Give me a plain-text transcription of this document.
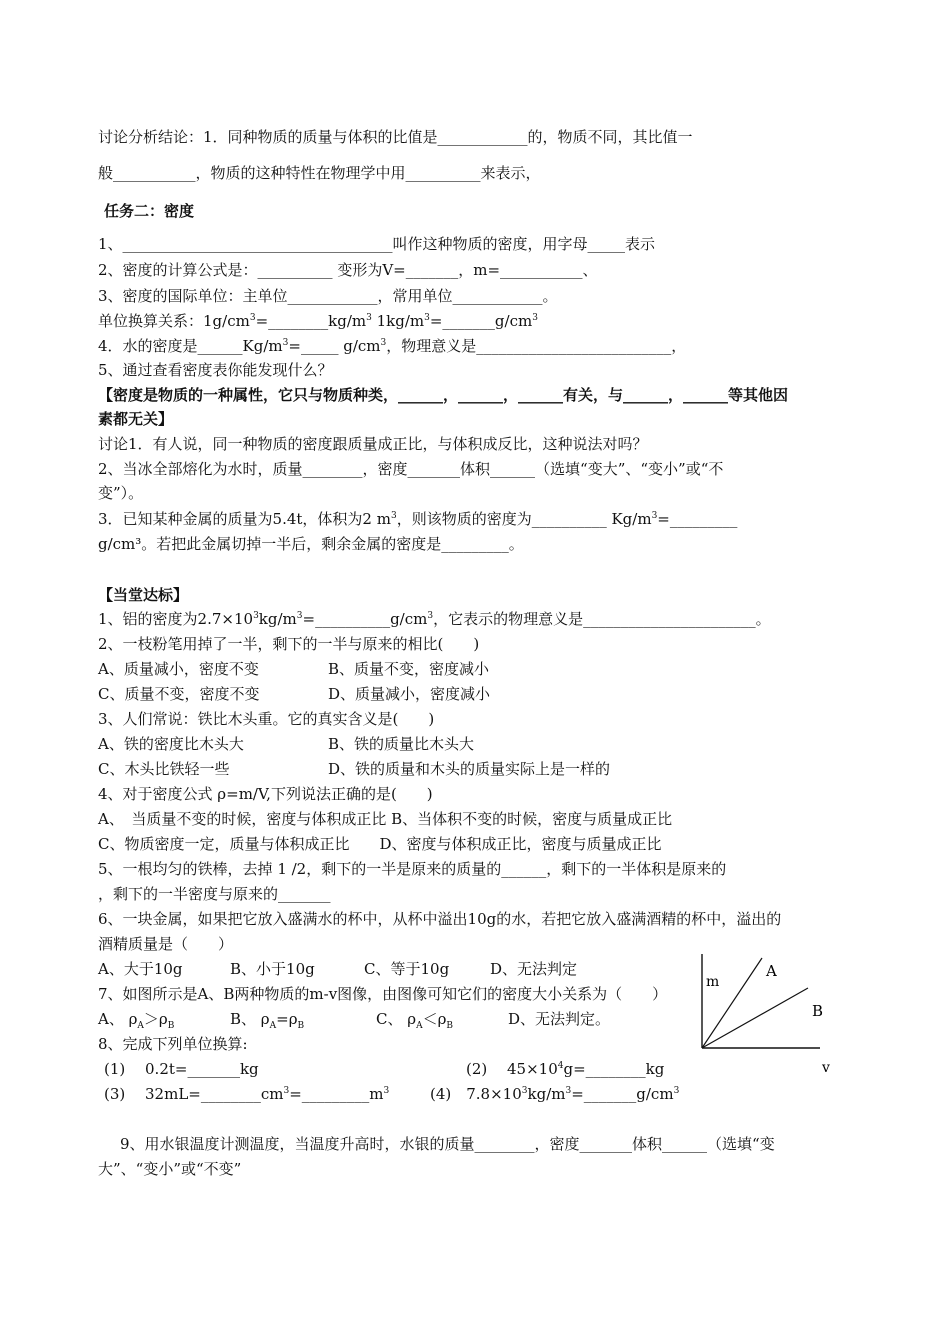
讨论分析结论：1．同种物质的质量与体积的比值是____________的，物质不同，其比值一
般___________，物质的这种特性在物理学中用__________来表示，
任务二：密度
1、____________________________________叫作这种物质的密度，用字母_____表示
2、密度的计算公式是：__________ 变形为V=_______，m=___________、
3、密度的国际单位：主单位____________，常用单位____________。
单位换算关系：$1g/cm^3=\_\_\_\_\_\_\_\_kg/m^3$ $1kg/m^3=\_\_\_\_\_\_\_g/cm^3$
4．水的密度是$\_\_\_\_\_\_Kg/m^3=\_\_\_\_\_$ $g/cm^3$，物理意义是__________________________，
5、通过查看密度表你能发现什么？
【密度是物质的一种属性，它只与物质种类，______，______，______有关，与______，______等其他因
素都无关】
讨论1．有人说，同一种物质的密度跟质量成正比，与体积成反比，这种说法对吗？
2、当冰全部熔化为水时，质量________，密度_______体积______（选填“变大”、“变小”或“不
变”）。
3．已知某种金属的质量为5.4t，体积为2 $m^3$，则该物质的密度为__________ $Kg/m^3=\_\_\_\_\_\_\_\_\_$
g/cm³。若把此金属切掉一半后，剩余金属的密度是_________。
【当堂达标】
1、铝的密度为$2.7\times 10^3kg/m^3=\_\_\_\_\_\_\_\_\_\_g/cm^3$，它表示的物理意义是_______________________。
2、一枝粉笔用掉了一半，剩下的一半与原来的相比(　　)
A、质量减小，密度不变	B、质量不变，密度减小
C、质量不变，密度不变	D、质量减小，密度减小
3、人们常说：铁比木头重。它的真实含义是(　　)
A、铁的密度比木头大	B、铁的质量比木头大
C、木头比铁轻一些	D、铁的质量和木头的质量实际上是一样的
4、对于密度公式 ρ=m/V,下列说法正确的是(　　)
A、　当质量不变的时候，密度与体积成正比 B、当体积不变的时候，密度与质量成正比
C、物质密度一定，质量与体积成正比　　D、密度与体积成正比，密度与质量成正比
5、一根均匀的铁棒，去掉 1 /2，剩下的一半是原来的质量的______，剩下的一半体积是原来的
，剩下的一半密度与原来的_______
6、一块金属，如果把它放入盛满水的杯中，从杯中溢出10g的水，若把它放入盛满酒精的杯中，溢出的
酒精质量是（　　）
A、大于10g	B、小于10g	C、等于10g	D、无法判定
7、如图所示是A、B两种物质的m-v图像，由图像可知它们的密度大小关系为（　　）
A、 $\rho_A>\rho_B$	B、 $\rho_A=\rho_B$	C、 $\rho_A<\rho_B$	D、无法判定。
8、完成下列单位换算:
(1)　 0.2t=_______kg	(2)　 $45\times 10^4g=\_\_\_\_\_\_\_\_kg$
(3)　 $32mL=\_\_\_\_\_\_\_\_cm^3=\_\_\_\_\_\_\_\_\_m^3$	(4)　$7.8\times 10^3kg/m^3=\_\_\_\_\_\_\_g/cm^3$
9、用水银温度计测温度，当温度升高时，水银的质量________，密度_______体积______（选填“变
大”、“变小”或“不变”
m
A
B
v
